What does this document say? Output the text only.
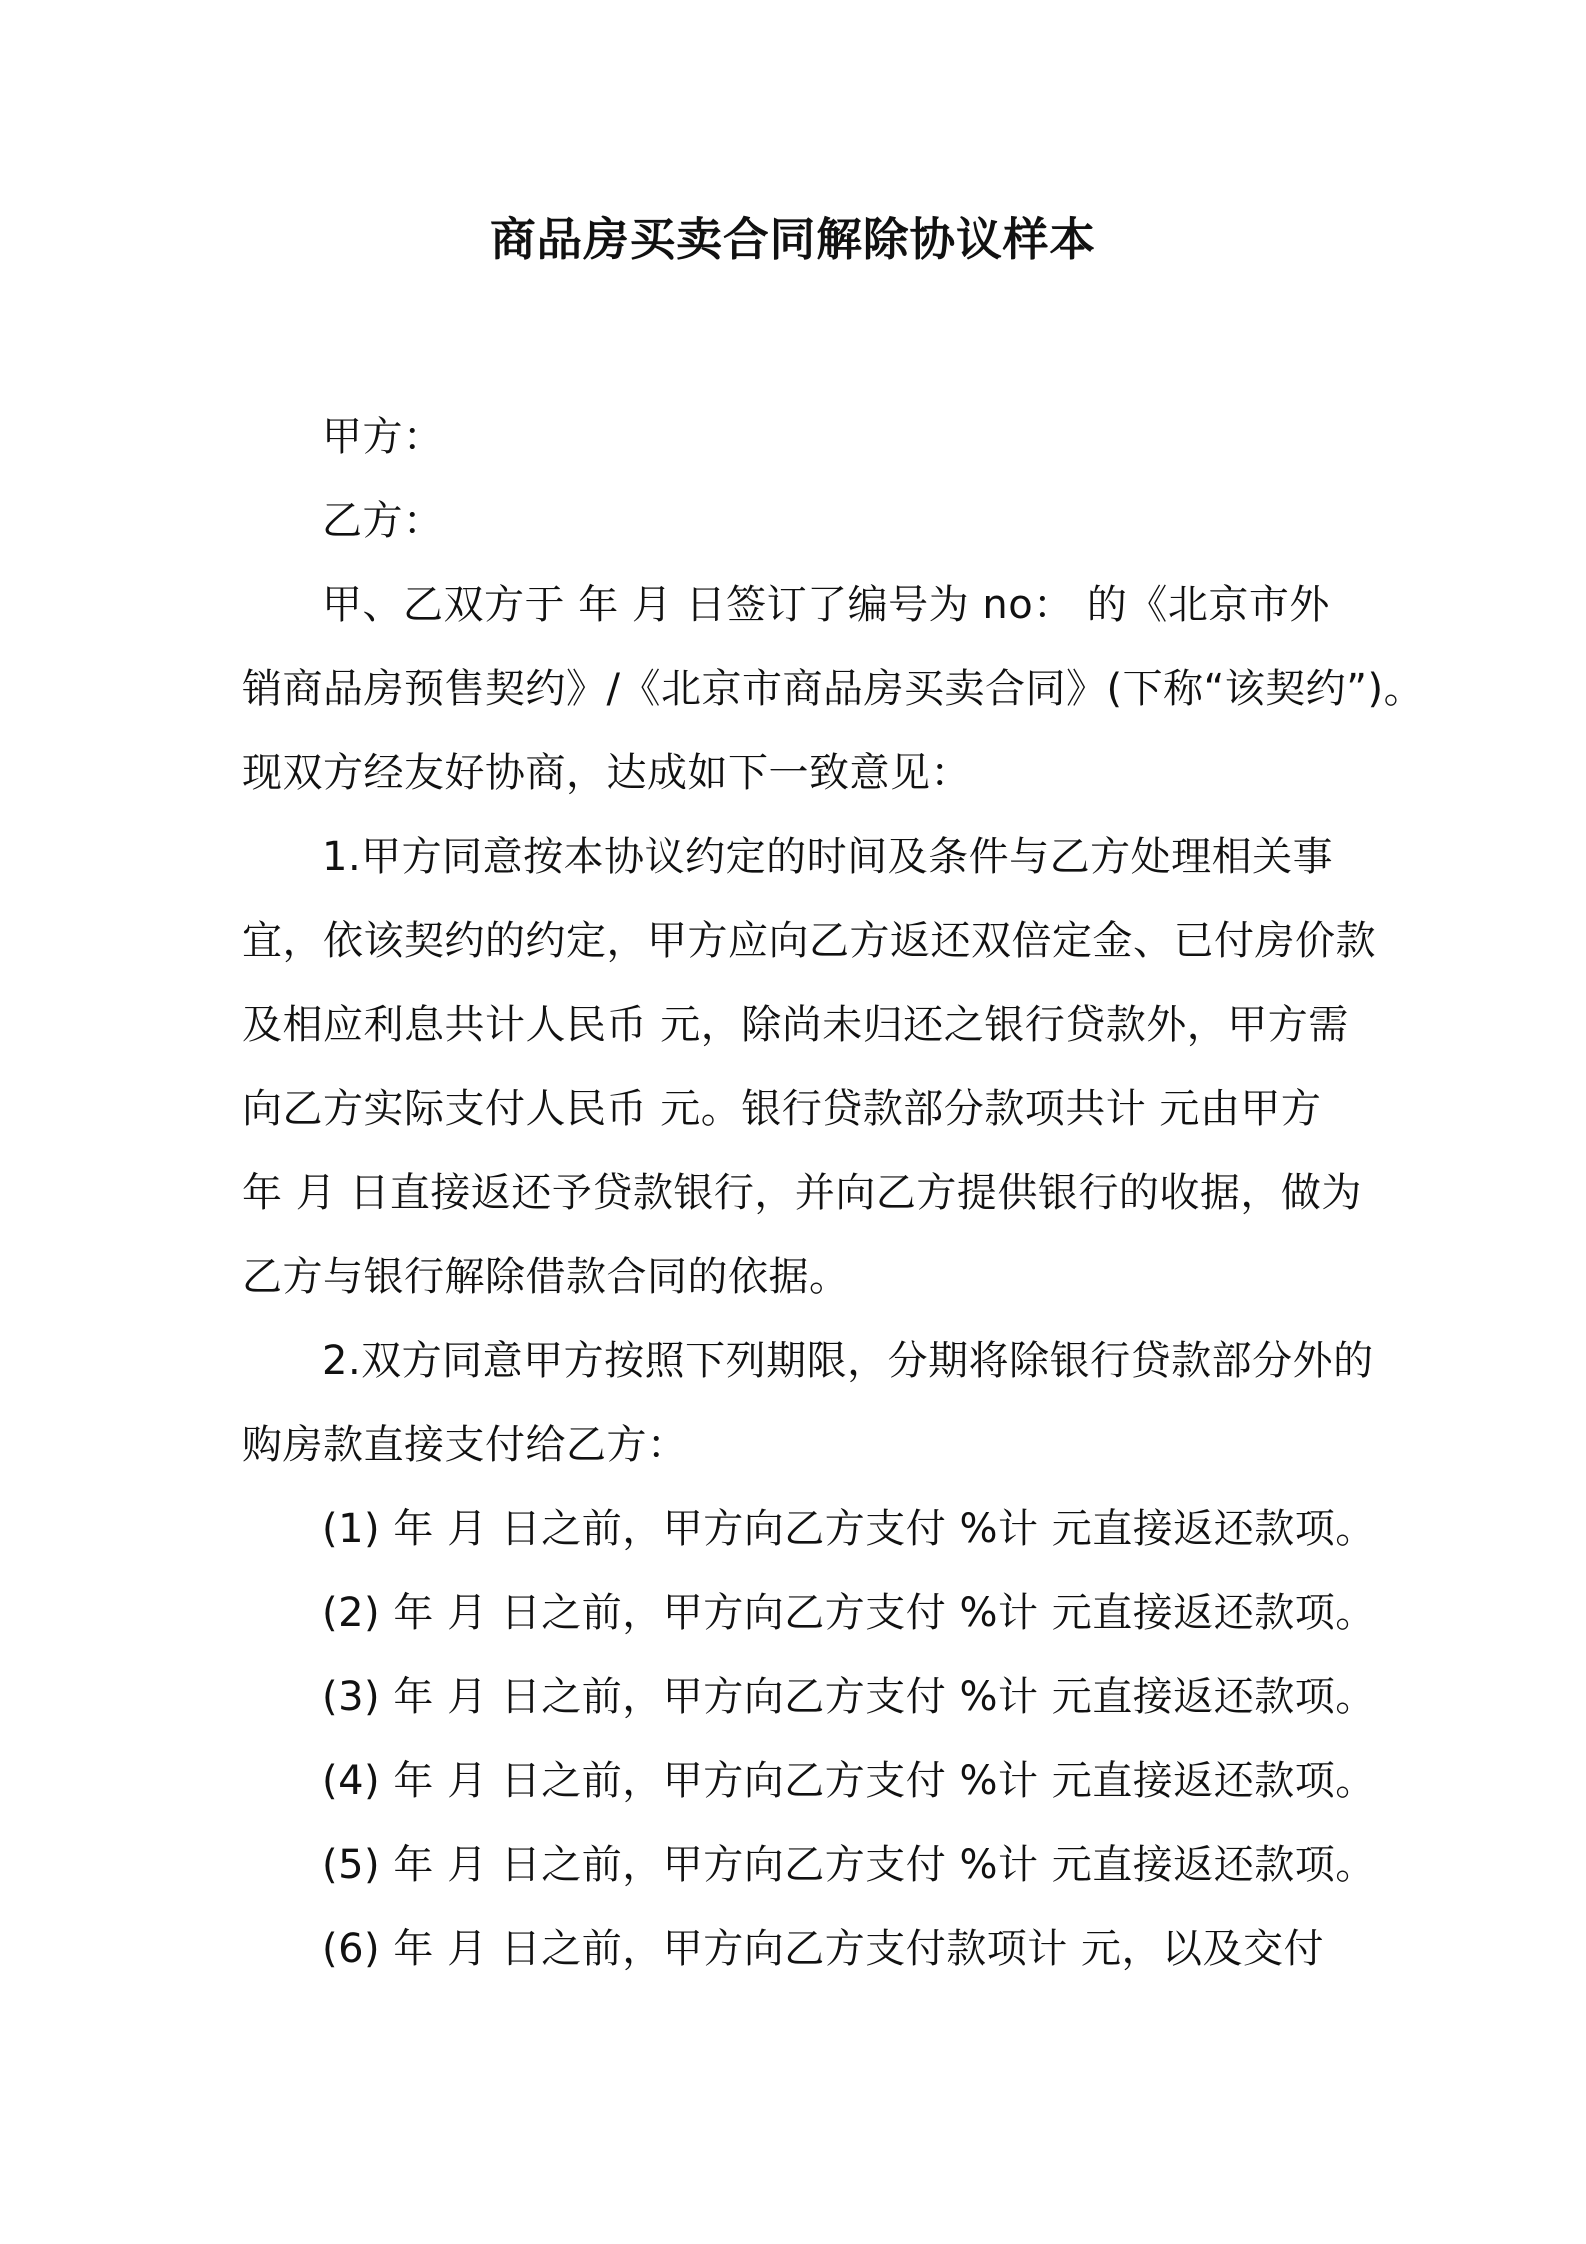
商品房买卖合同解除协议样本
甲方：
乙方：
甲、乙双方于 年 月 日签订了编号为 no： 的《北京市外
销商品房预售契约》/《北京市商品房买卖合同》(下称“该契约”)。
现双方经友好协商，达成如下一致意见：
1.甲方同意按本协议约定的时间及条件与乙方处理相关事
宜，依该契约的约定，甲方应向乙方返还双倍定金、已付房价款
及相应利息共计人民币 元，除尚未归还之银行贷款外，甲方需
向乙方实际支付人民币 元。银行贷款部分款项共计 元由甲方
年 月 日直接返还予贷款银行，并向乙方提供银行的收据，做为
乙方与银行解除借款合同的依据。
2.双方同意甲方按照下列期限，分期将除银行贷款部分外的
购房款直接支付给乙方：
(1) 年 月 日之前，甲方向乙方支付 %计 元直接返还款项。
(2) 年 月 日之前，甲方向乙方支付 %计 元直接返还款项。
(3) 年 月 日之前，甲方向乙方支付 %计 元直接返还款项。
(4) 年 月 日之前，甲方向乙方支付 %计 元直接返还款项。
(5) 年 月 日之前，甲方向乙方支付 %计 元直接返还款项。
(6) 年 月 日之前，甲方向乙方支付款项计 元，以及交付
